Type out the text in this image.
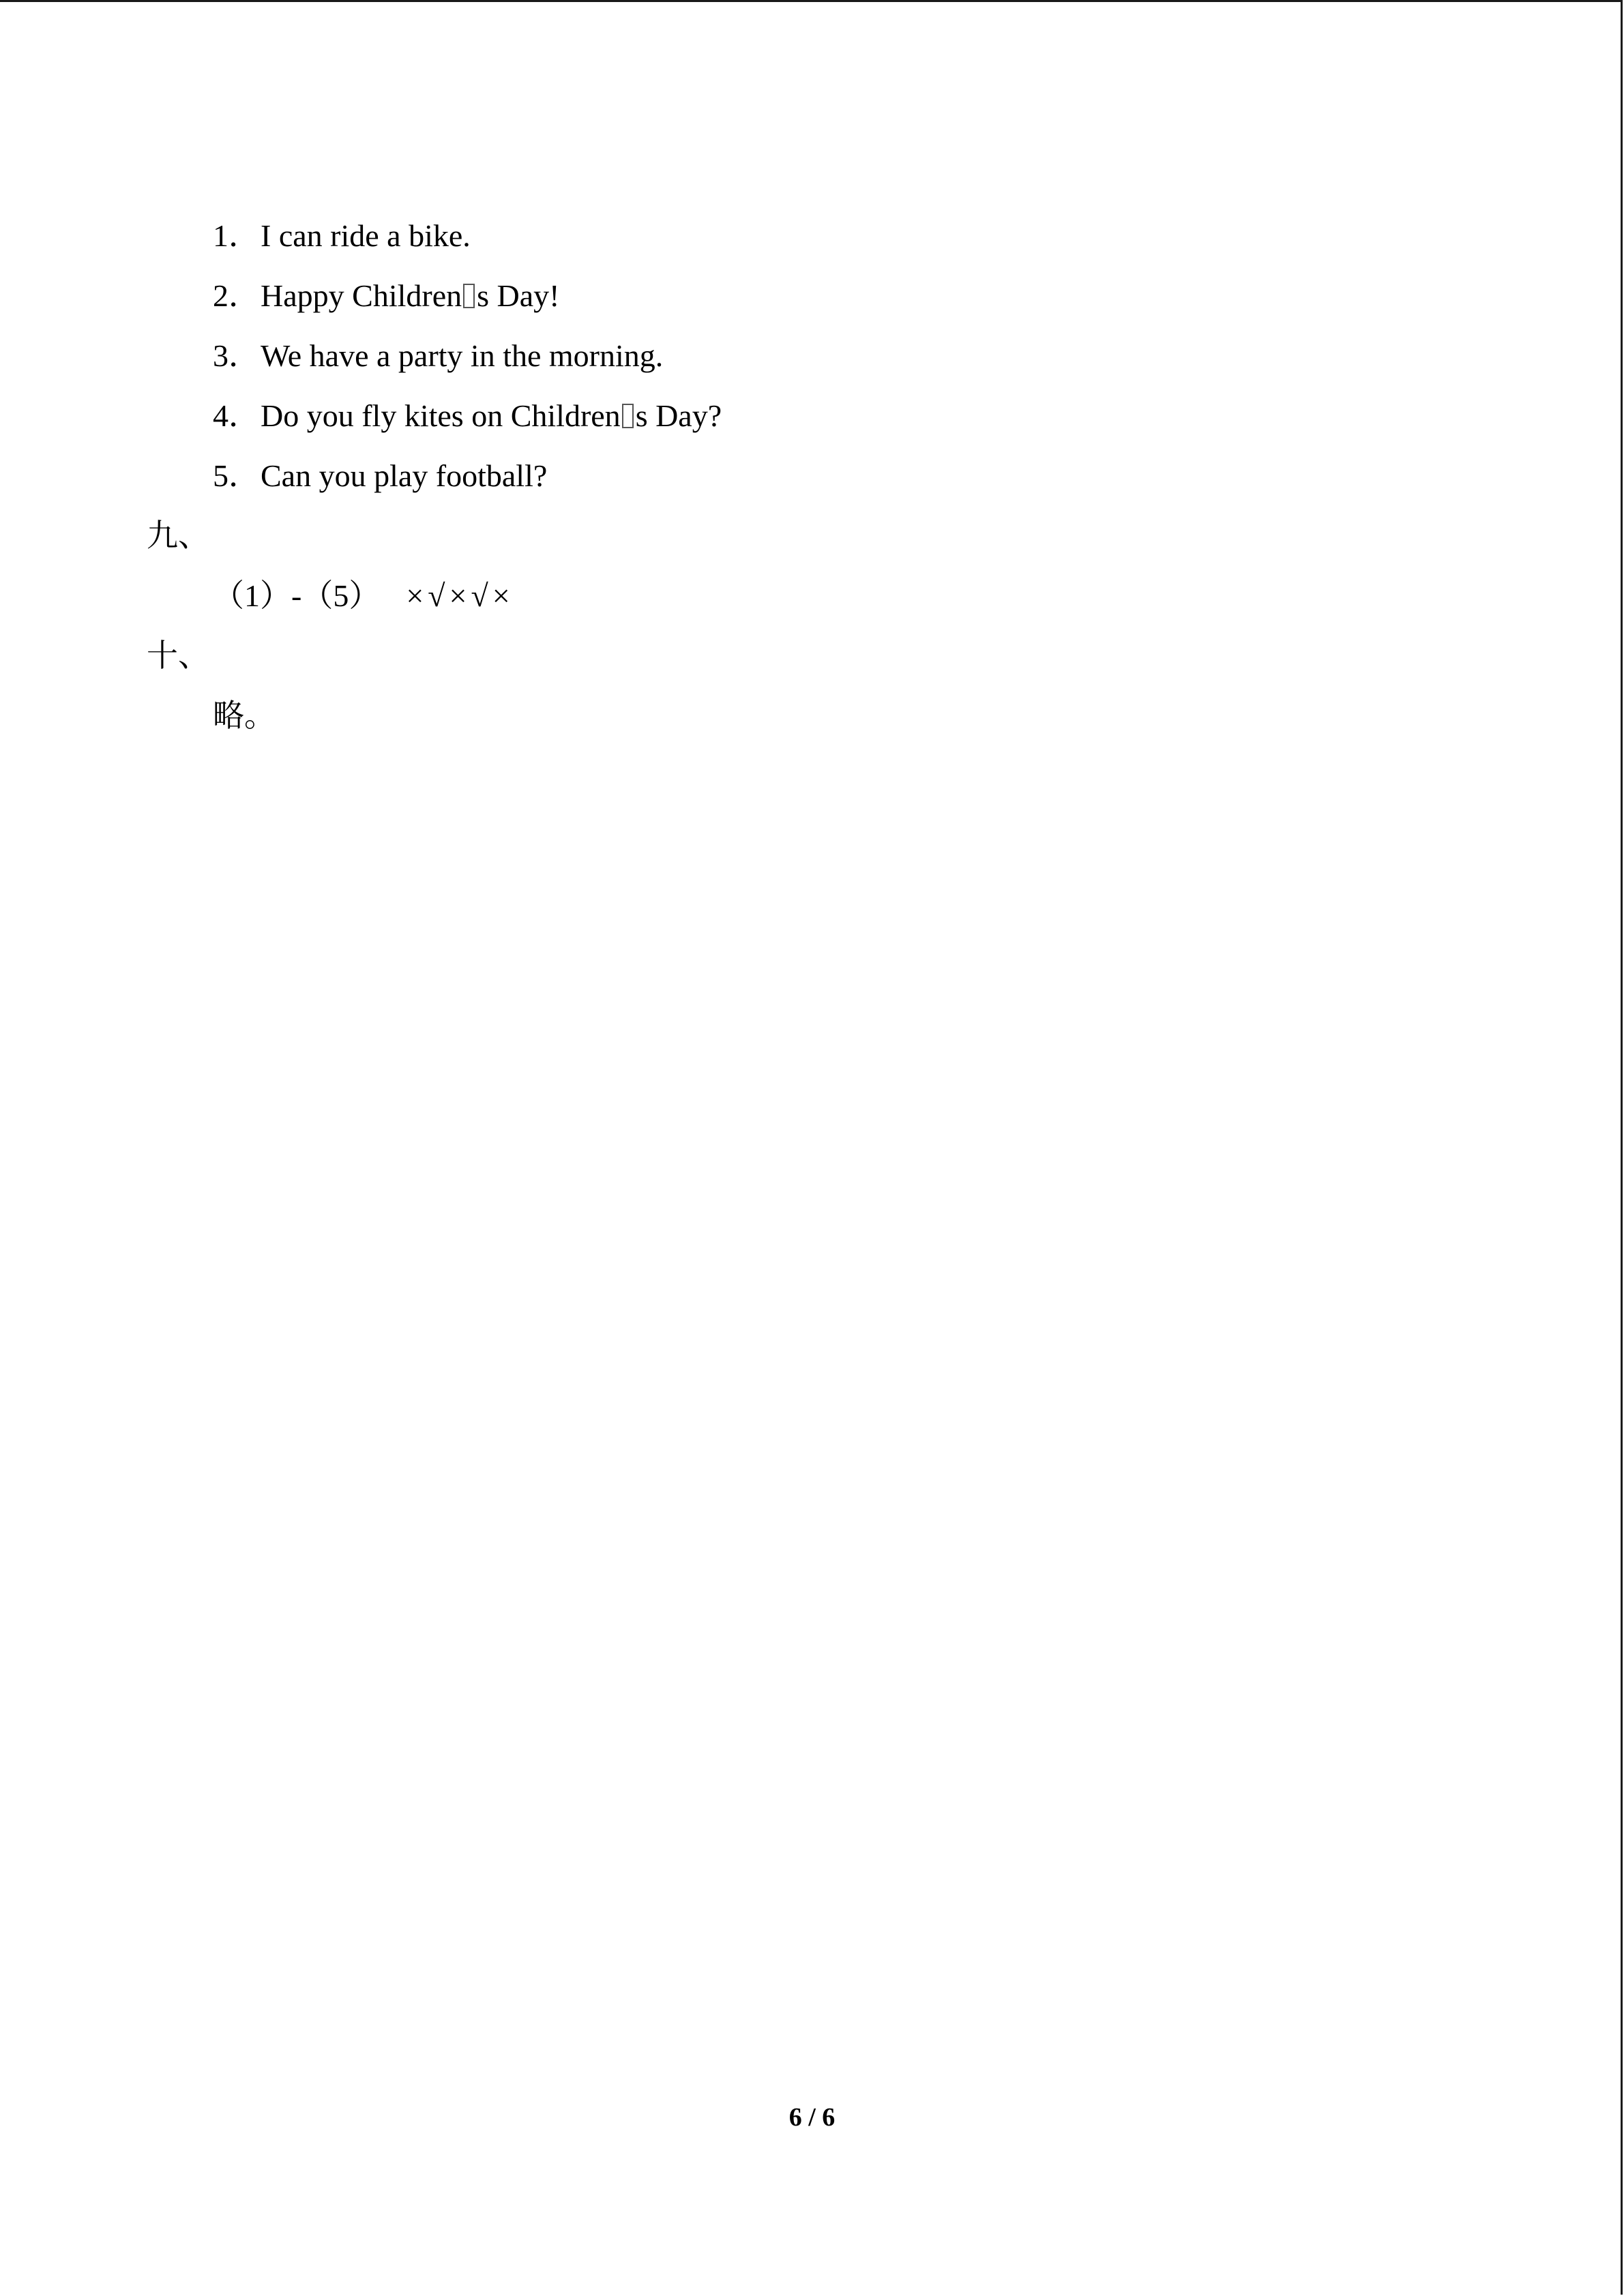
1．I can ride a bike.
2．Happy Children s Day!
3．We have a party in the morning.
4．Do you fly kites on Children s Day?
5．Can you play football?
九、
（1）-（5） ×√×√×
十、
略。
6 / 6
